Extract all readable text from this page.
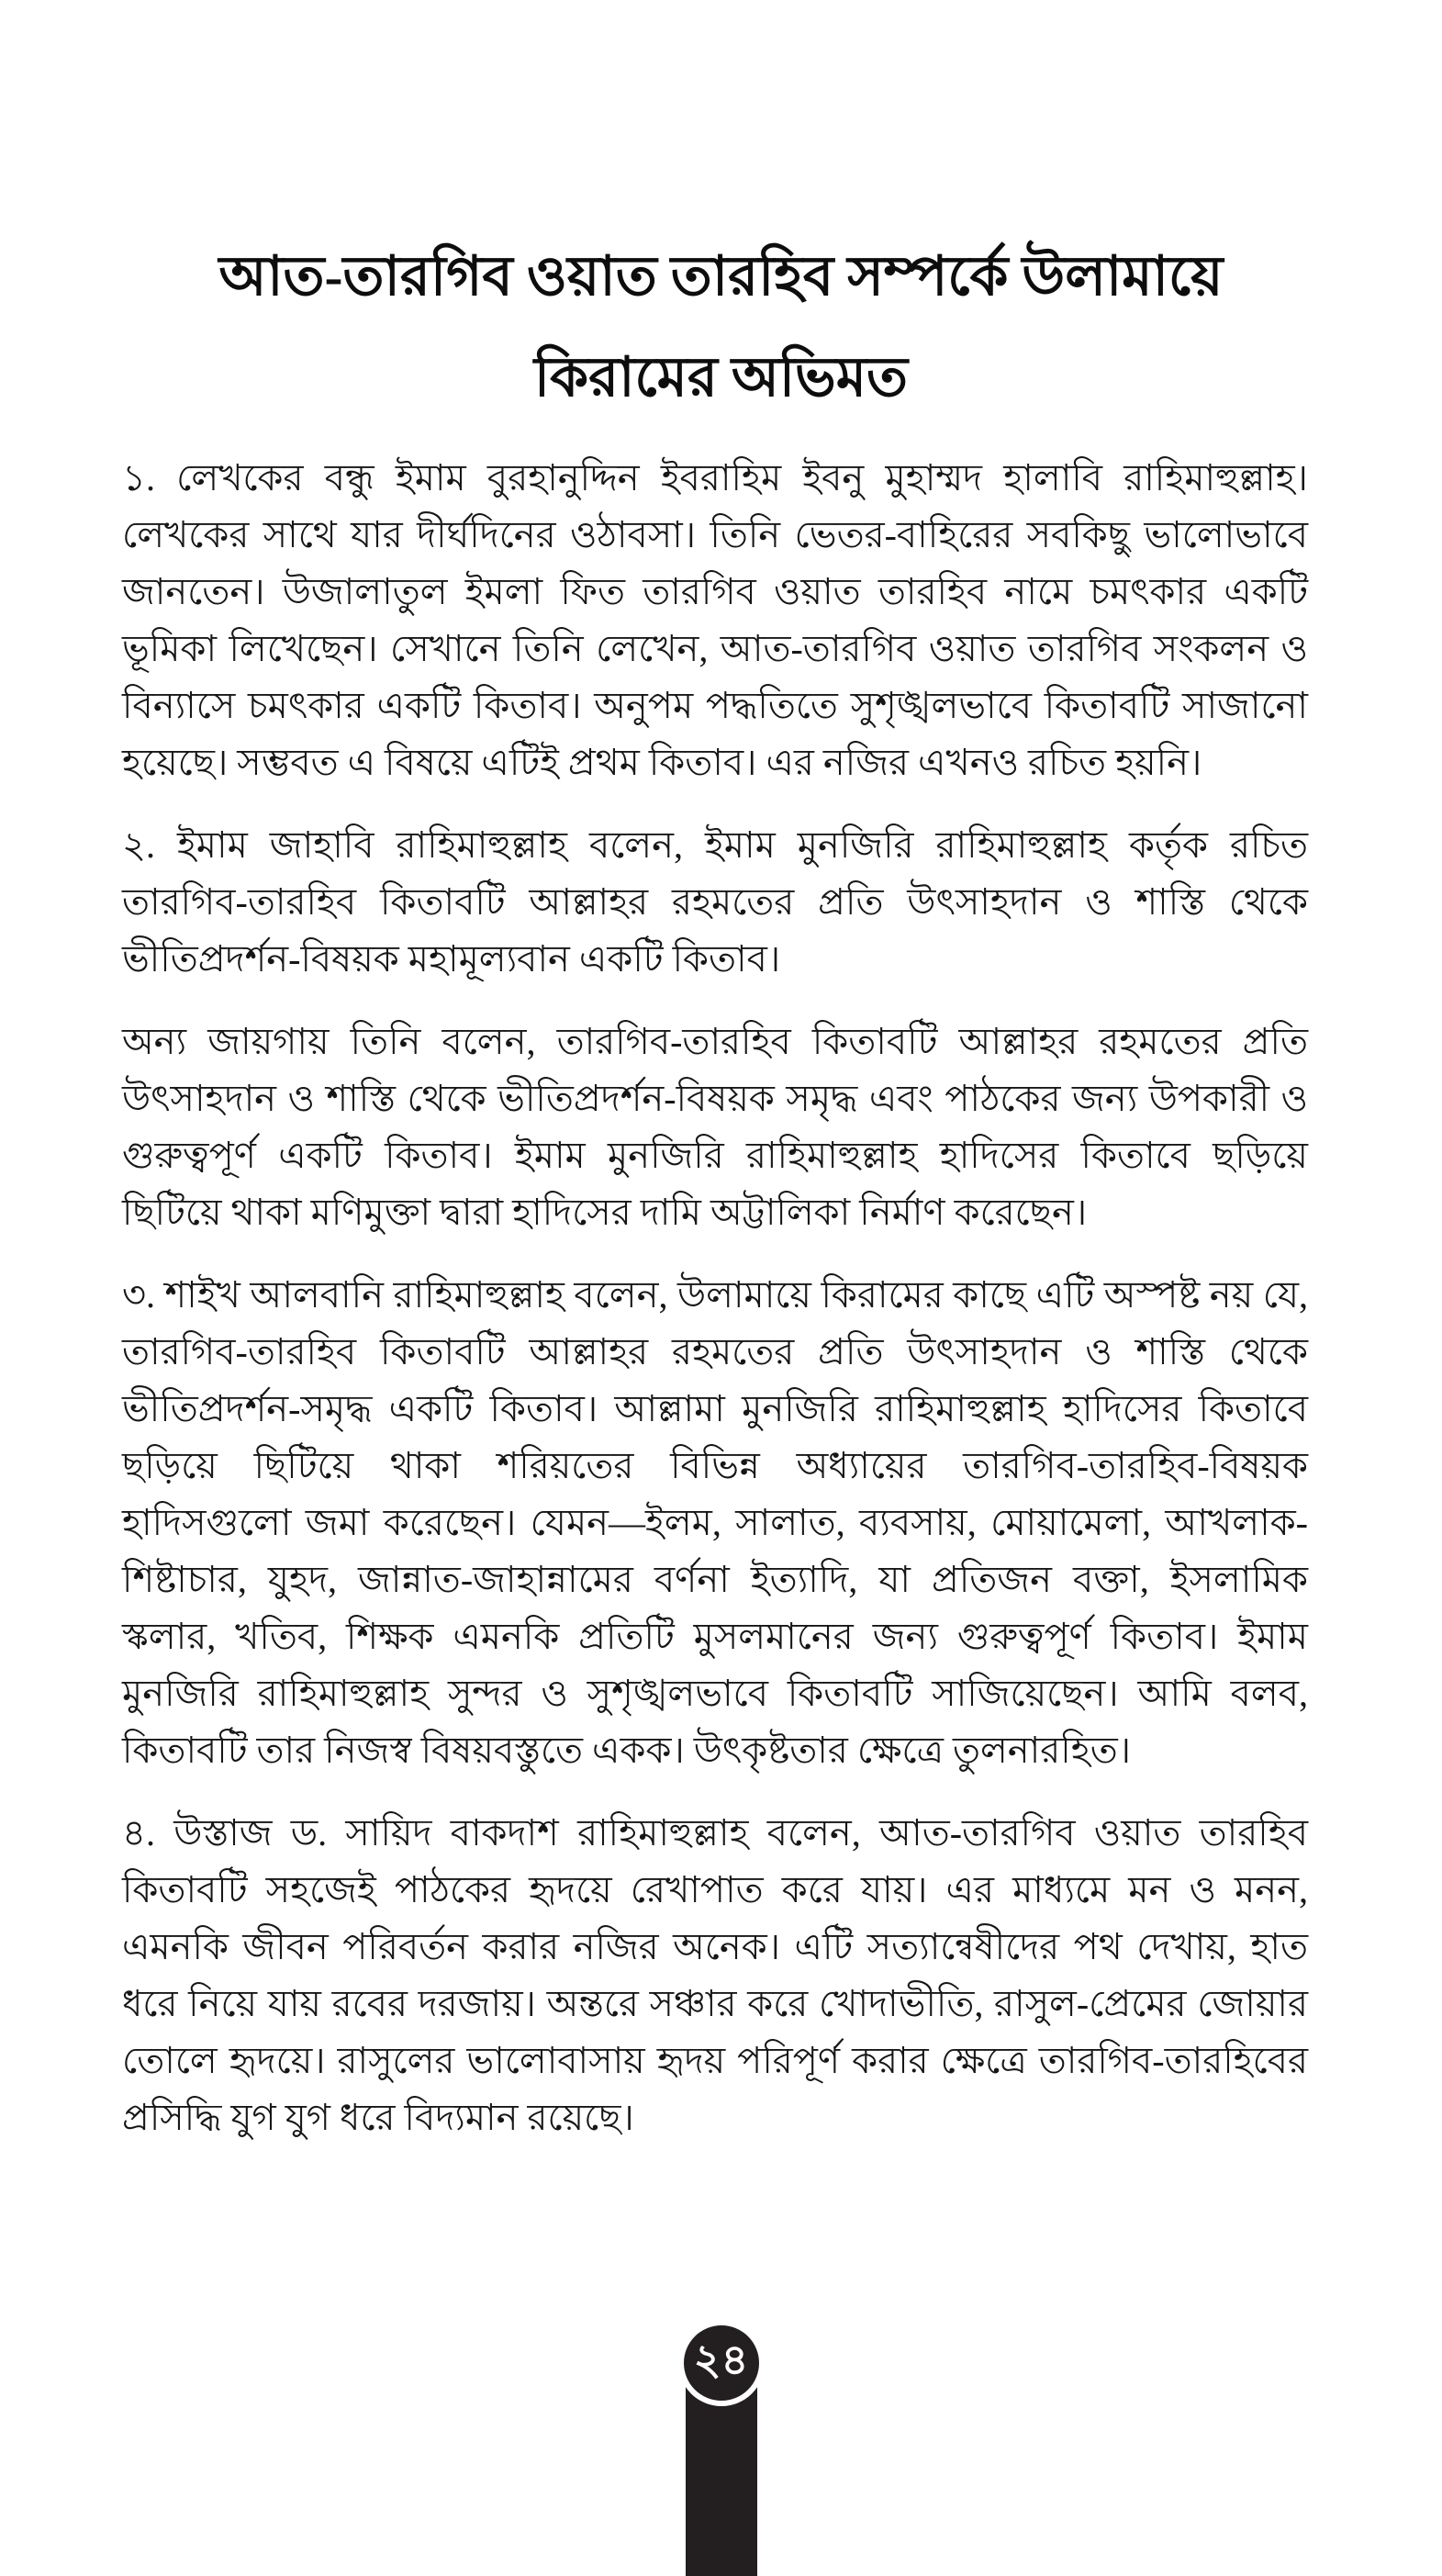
আত-তারগিব ওয়াত তারহিব সম্পর্কে উলামায়ে
কিরামের অভিমত

১. লেখকের বন্ধু ইমাম বুরহানুদ্দিন ইবরাহিম ইবনু মুহাম্মদ হালাবি রাহিমাহুল্লাহ। লেখকের সাথে যার দীর্ঘদিনের ওঠাবসা। তিনি ভেতর-বাহিরের সবকিছু ভালোভাবে জানতেন। উজালাতুল ইমলা ফিত তারগিব ওয়াত তারহিব নামে চমৎকার একটি ভূমিকা লিখেছেন। সেখানে তিনি লেখেন, আত-তারগিব ওয়াত তারগিব সংকলন ও বিন্যাসে চমৎকার একটি কিতাব। অনুপম পদ্ধতিতে সুশৃঙ্খলভাবে কিতাবটি সাজানো হয়েছে। সম্ভবত এ বিষয়ে এটিই প্রথম কিতাব। এর নজির এখনও রচিত হয়নি।

২. ইমাম জাহাবি রাহিমাহুল্লাহ বলেন, ইমাম মুনজিরি রাহিমাহুল্লাহ কর্তৃক রচিত তারগিব-তারহিব কিতাবটি আল্লাহর রহমতের প্রতি উৎসাহদান ও শাস্তি থেকে ভীতিপ্রদর্শন-বিষয়ক মহামূল্যবান একটি কিতাব।

অন্য জায়গায় তিনি বলেন, তারগিব-তারহিব কিতাবটি আল্লাহর রহমতের প্রতি উৎসাহদান ও শাস্তি থেকে ভীতিপ্রদর্শন-বিষয়ক সমৃদ্ধ এবং পাঠকের জন্য উপকারী ও গুরুত্বপূর্ণ একটি কিতাব। ইমাম মুনজিরি রাহিমাহুল্লাহ হাদিসের কিতাবে ছড়িয়ে ছিটিয়ে থাকা মণিমুক্তা দ্বারা হাদিসের দামি অট্টালিকা নির্মাণ করেছেন।

৩. শাইখ আলবানি রাহিমাহুল্লাহ বলেন, উলামায়ে কিরামের কাছে এটি অস্পষ্ট নয় যে, তারগিব-তারহিব কিতাবটি আল্লাহর রহমতের প্রতি উৎসাহদান ও শাস্তি থেকে ভীতিপ্রদর্শন-সমৃদ্ধ একটি কিতাব। আল্লামা মুনজিরি রাহিমাহুল্লাহ হাদিসের কিতাবে ছড়িয়ে ছিটিয়ে থাকা শরিয়তের বিভিন্ন অধ্যায়ের তারগিব-তারহিব-বিষয়ক হাদিসগুলো জমা করেছেন। যেমন—ইলম, সালাত, ব্যবসায়, মোয়ামেলা, আখলাক-শিষ্টাচার, যুহদ, জান্নাত-জাহান্নামের বর্ণনা ইত্যাদি, যা প্রতিজন বক্তা, ইসলামিক স্কলার, খতিব, শিক্ষক এমনকি প্রতিটি মুসলমানের জন্য গুরুত্বপূর্ণ কিতাব। ইমাম মুনজিরি রাহিমাহুল্লাহ সুন্দর ও সুশৃঙ্খলভাবে কিতাবটি সাজিয়েছেন। আমি বলব, কিতাবটি তার নিজস্ব বিষয়বস্তুতে একক। উৎকৃষ্টতার ক্ষেত্রে তুলনারহিত।

৪. উস্তাজ ড. সায়িদ বাকদাশ রাহিমাহুল্লাহ বলেন, আত-তারগিব ওয়াত তারহিব কিতাবটি সহজেই পাঠকের হৃদয়ে রেখাপাত করে যায়। এর মাধ্যমে মন ও মনন, এমনকি জীবন পরিবর্তন করার নজির অনেক। এটি সত্যান্বেষীদের পথ দেখায়, হাত ধরে নিয়ে যায় রবের দরজায়। অন্তরে সঞ্চার করে খোদাভীতি, রাসুল-প্রেমের জোয়ার তোলে হৃদয়ে। রাসুলের ভালোবাসায় হৃদয় পরিপূর্ণ করার ক্ষেত্রে তারগিব-তারহিবের প্রসিদ্ধি যুগ যুগ ধরে বিদ্যমান রয়েছে।

২৪
